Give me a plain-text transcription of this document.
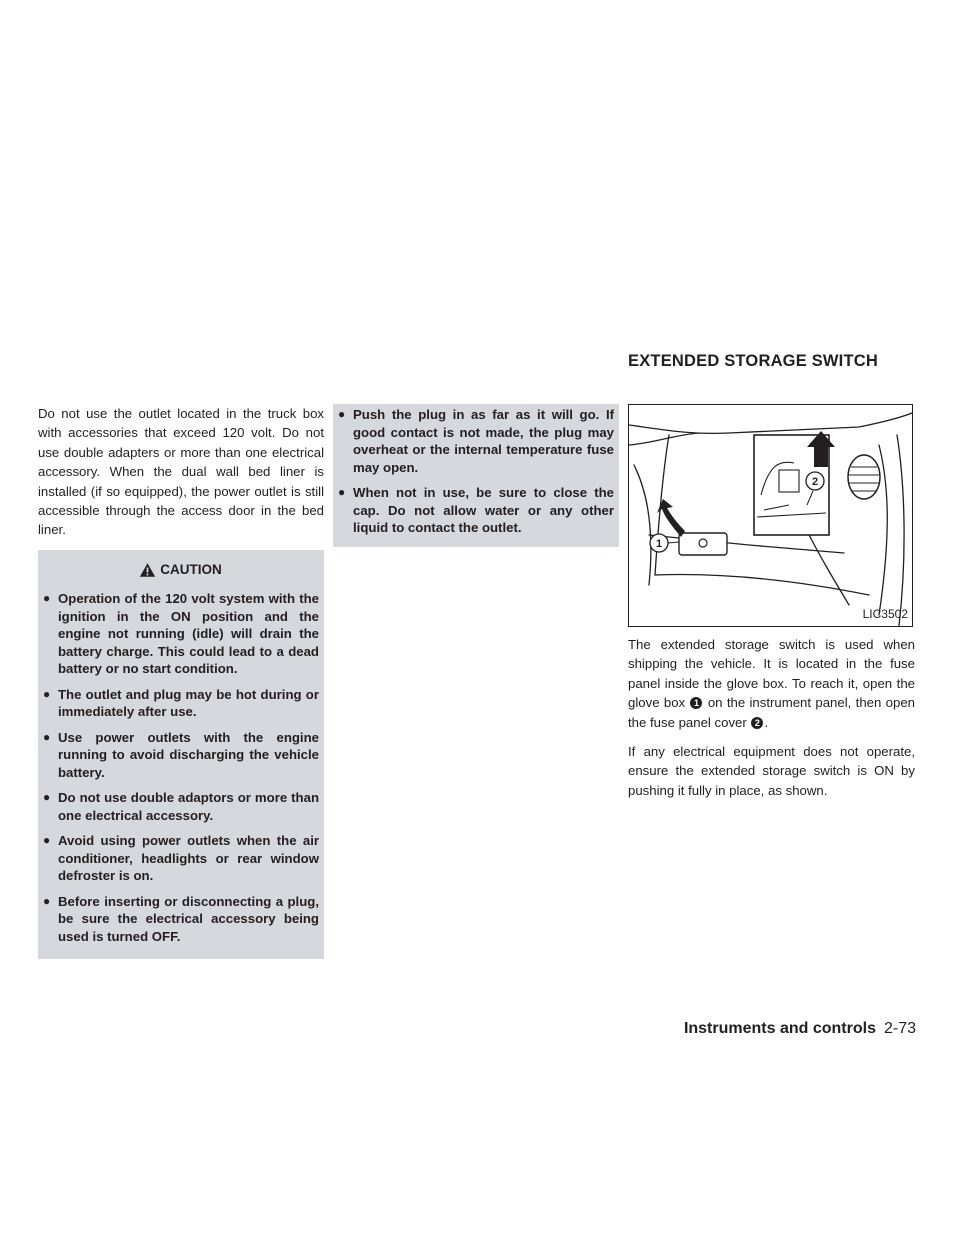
EXTENDED STORAGE SWITCH

Do not use the outlet located in the truck box with accessories that exceed 120 volt. Do not use double adapters or more than one electrical accessory. When the dual wall bed liner is installed (if so equipped), the power outlet is still accessible through the access door in the bed liner.

CAUTION
● Operation of the 120 volt system with the ignition in the ON position and the engine not running (idle) will drain the battery charge. This could lead to a dead battery or no start condition.
● The outlet and plug may be hot during or immediately after use.
● Use power outlets with the engine running to avoid discharging the vehicle battery.
● Do not use double adaptors or more than one electrical accessory.
● Avoid using power outlets when the air conditioner, headlights or rear window defroster is on.
● Before inserting or disconnecting a plug, be sure the electrical accessory being used is turned OFF.
● Push the plug in as far as it will go. If good contact is not made, the plug may overheat or the internal temperature fuse may open.
● When not in use, be sure to close the cap. Do not allow water or any other liquid to contact the outlet.
2
1
LIC3502

The extended storage switch is used when shipping the vehicle. It is located in the fuse panel inside the glove box. To reach it, open the glove box 1 on the instrument panel, then open the fuse panel cover 2 .

If any electrical equipment does not operate, ensure the extended storage switch is ON by pushing it fully in place, as shown.

Instruments and controls 2-73
